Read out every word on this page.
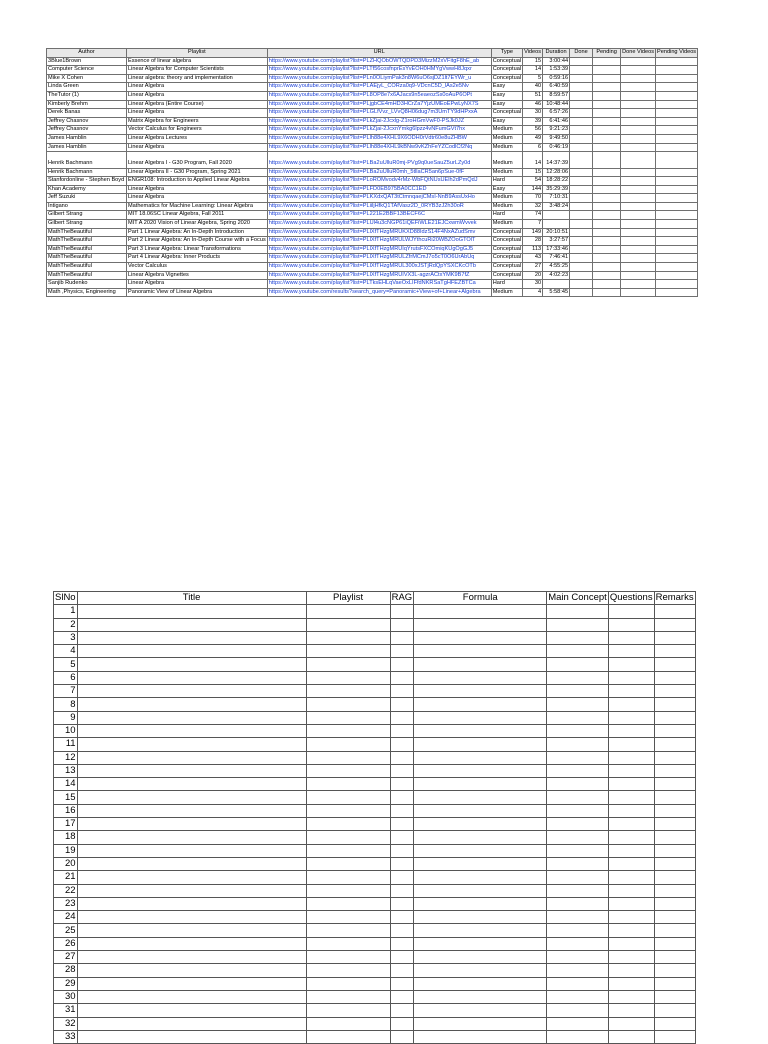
Author	Playlist	URL	Type	Videos	Duration	Done	Pending	Done Videos	Pending Videos	
3Blue1Brown	Essence of linear algebra	https://www.youtube.com/playlist?list=PLZHQObOWTQDPD3MizzM2xVFitgF8hE_ab	Conceptual	15	3:00:44					
Computer Science	Linear Algebra for Computer Scientists	https://www.youtube.com/playlist?list=PLTf56cosfnprEsYvEOH0HMYgVwwH8Jqxr	Conceptual	14	1:53:39					
Mike X Cohen	Linear algebra: theory and implementation	https://www.youtube.com/playlist?list=PLn0OLiymPak3n8W6uO6sjDZ1lt7EYWr_u	Conceptual	5	0:59:16					
Linda Green	Linear Algebra	https://www.youtube.com/playlist?list=PLAEjyL_CORza0q9-VDcnC5D_lAs2e5Nv	Easy	40	6:40:59					
TheTutor (1)	Linear Algebra	https://www.youtube.com/playlist?list=PL8OP8e7x6AJacs9n5eaeozSs0oAuP6OPt	Easy	51	8:59:57					
Kimberly Brehm	Linear Algebra (Entire Course)	https://www.youtube.com/playlist?list=PLjgbCE4mHD3HCrZa7YjzUMEoEPwLyNX7S	Easy	46	10:48:44					
Derek Banas	Linear Algebra	https://www.youtube.com/playlist?list=PLGLfVvz_LVvQ8H06dug7m3UmTY9dHPxxA	Conceptual	30	6:57:26					
Jeffrey Chasnov	Matrix Algebra for Engineers	https://www.youtube.com/playlist?list=PLkZjai-2Jcxlg-Z1roHGmVwF0-PSJk0JZ	Easy	39	6:41:46					
Jeffrey Chasnov	Vector Calculus for Engineers	https://www.youtube.com/playlist?list=PLkZjai-2JcxnYmkg6lpzz4vNFumGVt7hx	Medium	56	9:21:23					
James Hamblin	Linear Algebra Lectures	https://www.youtube.com/playlist?list=PLlh88e4XHL9X6ODH0rVdtr60e8uZHBW	Medium	49	9:49:50					
James Hamblin	Linear Algebra	https://www.youtube.com/playlist?list=PLlh88e4XHL9kBNw9vKZhFeYZCodlCf2Nq	Medium	6	0:46:19					
Henrik Bachmann	Linear Algebra I - G30 Program, Fall 2020	https://www.youtube.com/playlist?list=PLBa2uUlluR0mj-PVg9q0ueSauZ5urLZy0d	Medium	14	14:37:39					
Henrik Bachmann	Linear Algebra II - G30 Program, Spring 2021	https://www.youtube.com/playlist?list=PLBa2uUlluR0mh_5tllaCR5an6pSue-0fF	Medium	15	12:28:06					
Stanfordonline - Stephen Boyd	ENGR108: Introduction to Applied Linear Algebra	https://www.youtube.com/playlist?list=PLoROMvodv4rMz-WbFQtNUsUElh2dPmQdJ	Hard	54	18:28:22					
Khan Academy	Linear Algebra	https://www.youtube.com/playlist?list=PLFD0EB975BA0CC1ED	Easy	144	35:29:39					
Jeff Suzuki	Linear Algebra	https://www.youtube.com/playlist?list=PLKXdxQAT3tCtmnqaejCMsI-NnB9AssUxHo	Medium	70	7:10:31					
Intigano	Mathematics for Machine Learning: Linear Algebra	https://www.youtube.com/playlist?list=PLiiljHfkQ1TAfVasz2D_0RYB3zJ2h30oR	Medium	32	3:48:24					
Gilbert Strang	MIT 18.06SC Linear Algebra, Fall 2011	https://www.youtube.com/playlist?list=PL221E2BBF13BECF6C	Hard	74						
Gilbert Strang	MIT A 2020 Vision of Linear Algebra, Spring 2020	https://www.youtube.com/playlist?list=PLUl4u3cNGP61iQEFiWLE21EJCxwmWvvek	Medium	7						
MathTheBeautiful	Part 1 Linear Algebra: An In-Depth Introduction	https://www.youtube.com/playlist?list=PLlXfTHzgMRUKXD88IdzS14F4NxAZudSmv	Conceptual	149	20:10:51					
MathTheBeautiful	Part 2 Linear Algebra: An In-Depth Course with a Focus	https://www.youtube.com/playlist?list=PLlXfTHzgMRULWJYthcuRi20WBZOoGTOlT	Conceptual	28	3:27:57					
MathTheBeautiful	Part 3 Linear Algebra: Linear Transformations	https://www.youtube.com/playlist?list=PLlXfTHzgMRUIqYrutsFXCOmiqKUgOgGJ5	Conceptual	113	17:33:46					
MathTheBeautiful	Part 4 Linear Algebra: Inner Products	https://www.youtube.com/playlist?list=PLlXfTHzgMRULZfrMCmJ7o5cT0O6UrAbUq	Conceptual	43	7:46:41					
MathTheBeautiful	Vector Calculus	https://www.youtube.com/playlist?list=PLlXfTHzgMRUL300xJSTjRdQpYSXCKcOTb	Conceptual	27	4:55:25					
MathTheBeautiful	Linear Algebra Vignettes	https://www.youtube.com/playlist?list=PLlXfTHzgMRUIVX3L-agzrACtxYMK9B7fZ	Conceptual	20	4:02:23					
Sanjib Rudenko	Linear Algebra	https://www.youtube.com/playlist?list=PLTksEHLqVaeOxLIFfdNKRSaTgHFEZBTCa	Hard	30						
Math ,Physics, Engineering	Panoramic View of Linear Algebra	https://www.youtube.com/results?search_query=Panoramic+View+of+Linear+Algebra	Medium	4	5:58:45					
SlNo	Title	Playlist	RAG	Formula	Main Concept	Questions	Remarks
1							
2							
3							
4							
5							
6							
7							
8							
9							
10							
11							
12							
13							
14							
15							
16							
17							
18							
19							
20							
21							
22							
23							
24							
25							
26							
27							
28							
29							
30							
31							
32							
33							
